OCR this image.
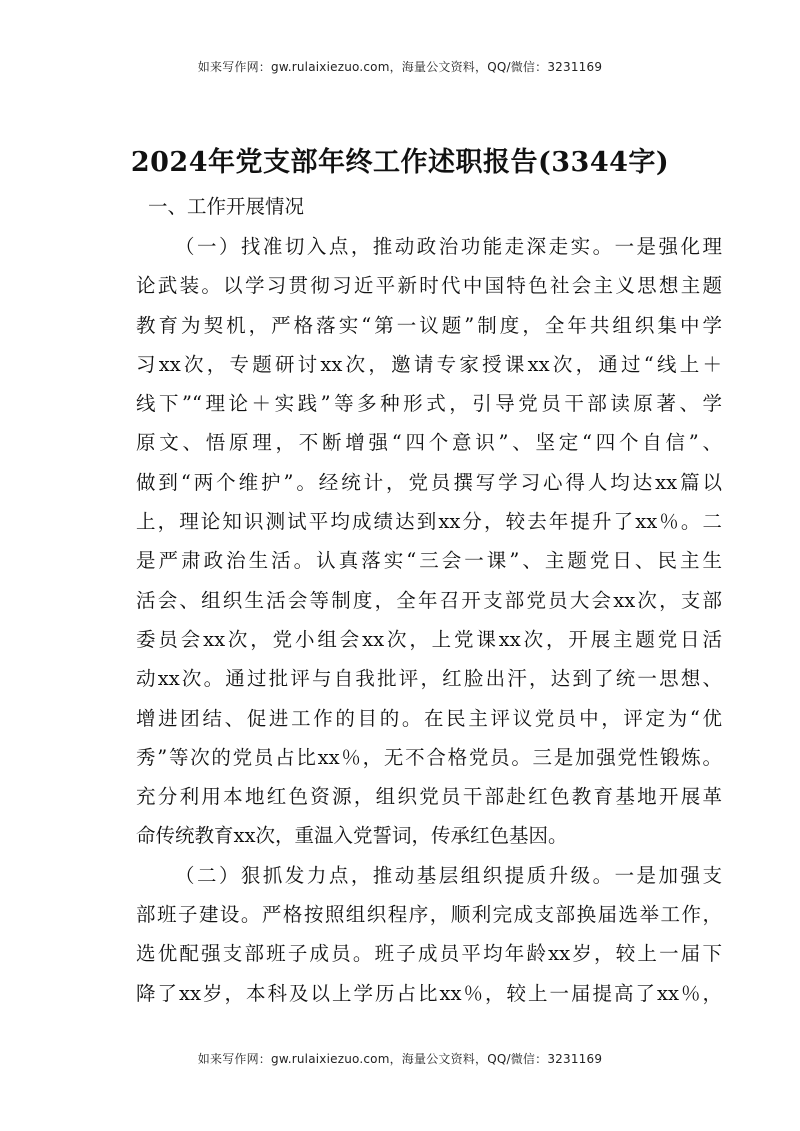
如来写作网：gw.rulaixiezuo.com，海量公文资料，QQ/微信：3231169
2024年党支部年终工作述职报告(3344字)
一、工作开展情况
（一）找准切入点，推动政治功能走深走实。一是强化理
论武装。以学习贯彻习近平新时代中国特色社会主义思想主题
教育为契机，严格落实“第一议题”制度，全年共组织集中学
习xx次，专题研讨xx次，邀请专家授课xx次，通过“线上＋
线下”“理论＋实践”等多种形式，引导党员干部读原著、学
原文、悟原理，不断增强“四个意识”、坚定“四个自信”、
做到“两个维护”。经统计，党员撰写学习心得人均达xx篇以
上，理论知识测试平均成绩达到xx分，较去年提升了xx％。二
是严肃政治生活。认真落实“三会一课”、主题党日、民主生
活会、组织生活会等制度，全年召开支部党员大会xx次，支部
委员会xx次，党小组会xx次，上党课xx次，开展主题党日活
动xx次。通过批评与自我批评，红脸出汗，达到了统一思想、
增进团结、促进工作的目的。在民主评议党员中，评定为“优
秀”等次的党员占比xx％，无不合格党员。三是加强党性锻炼。
充分利用本地红色资源，组织党员干部赴红色教育基地开展革
命传统教育xx次，重温入党誓词，传承红色基因。
（二）狠抓发力点，推动基层组织提质升级。一是加强支
部班子建设。严格按照组织程序，顺利完成支部换届选举工作，
选优配强支部班子成员。班子成员平均年龄xx岁，较上一届下
降了xx岁，本科及以上学历占比xx％，较上一届提高了xx％，
如来写作网：gw.rulaixiezuo.com，海量公文资料，QQ/微信：3231169
